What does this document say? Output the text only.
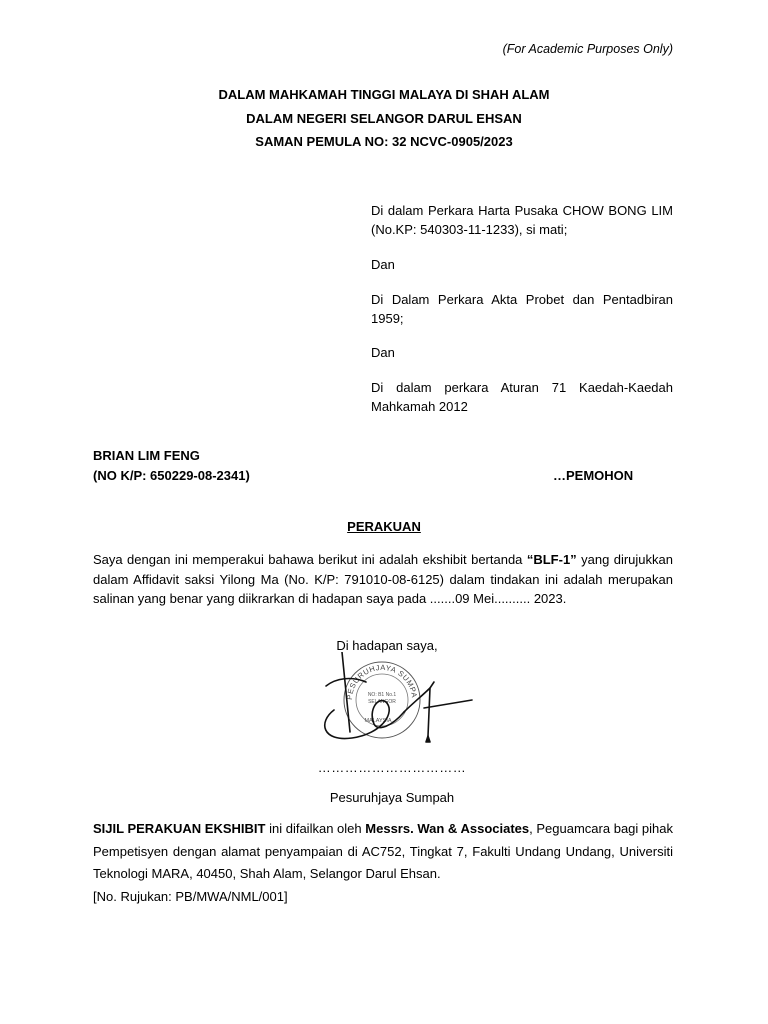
(For Academic Purposes Only)
DALAM MAHKAMAH TINGGI MALAYA DI SHAH ALAM
DALAM NEGERI SELANGOR DARUL EHSAN
SAMAN PEMULA NO: 32 NCVC-0905/2023
Di dalam Perkara Harta Pusaka CHOW BONG LIM (No.KP: 540303-11-1233), si mati;
Dan
Di Dalam Perkara Akta Probet dan Pentadbiran 1959;
Dan
Di dalam perkara Aturan 71 Kaedah-Kaedah Mahkamah 2012
BRIAN LIM FENG
(NO K/P: 650229-08-2341)	…PEMOHON
PERAKUAN
Saya dengan ini memperakui bahawa berikut ini adalah ekshibit bertanda “BLF-1” yang dirujukkan dalam Affidavit saksi Yilong Ma (No. K/P: 791010-08-6125) dalam tindakan ini adalah merupakan salinan yang benar yang diikrarkan di hadapan saya pada .......09 Mei.......... 2023.
Di hadapan saya,
PESURUHJAYA SUMPA
NO: B1 No.1
SELANGOR
MALAYSIA
……………………………
Pesuruhjaya Sumpah
SIJIL PERAKUAN EKSHIBIT ini difailkan oleh Messrs. Wan & Associates, Peguamcara bagi pihak Pempetisyen dengan alamat penyampaian di AC752, Tingkat 7, Fakulti Undang Undang, Universiti Teknologi MARA, 40450, Shah Alam, Selangor Darul Ehsan.
[No. Rujukan: PB/MWA/NML/001]
